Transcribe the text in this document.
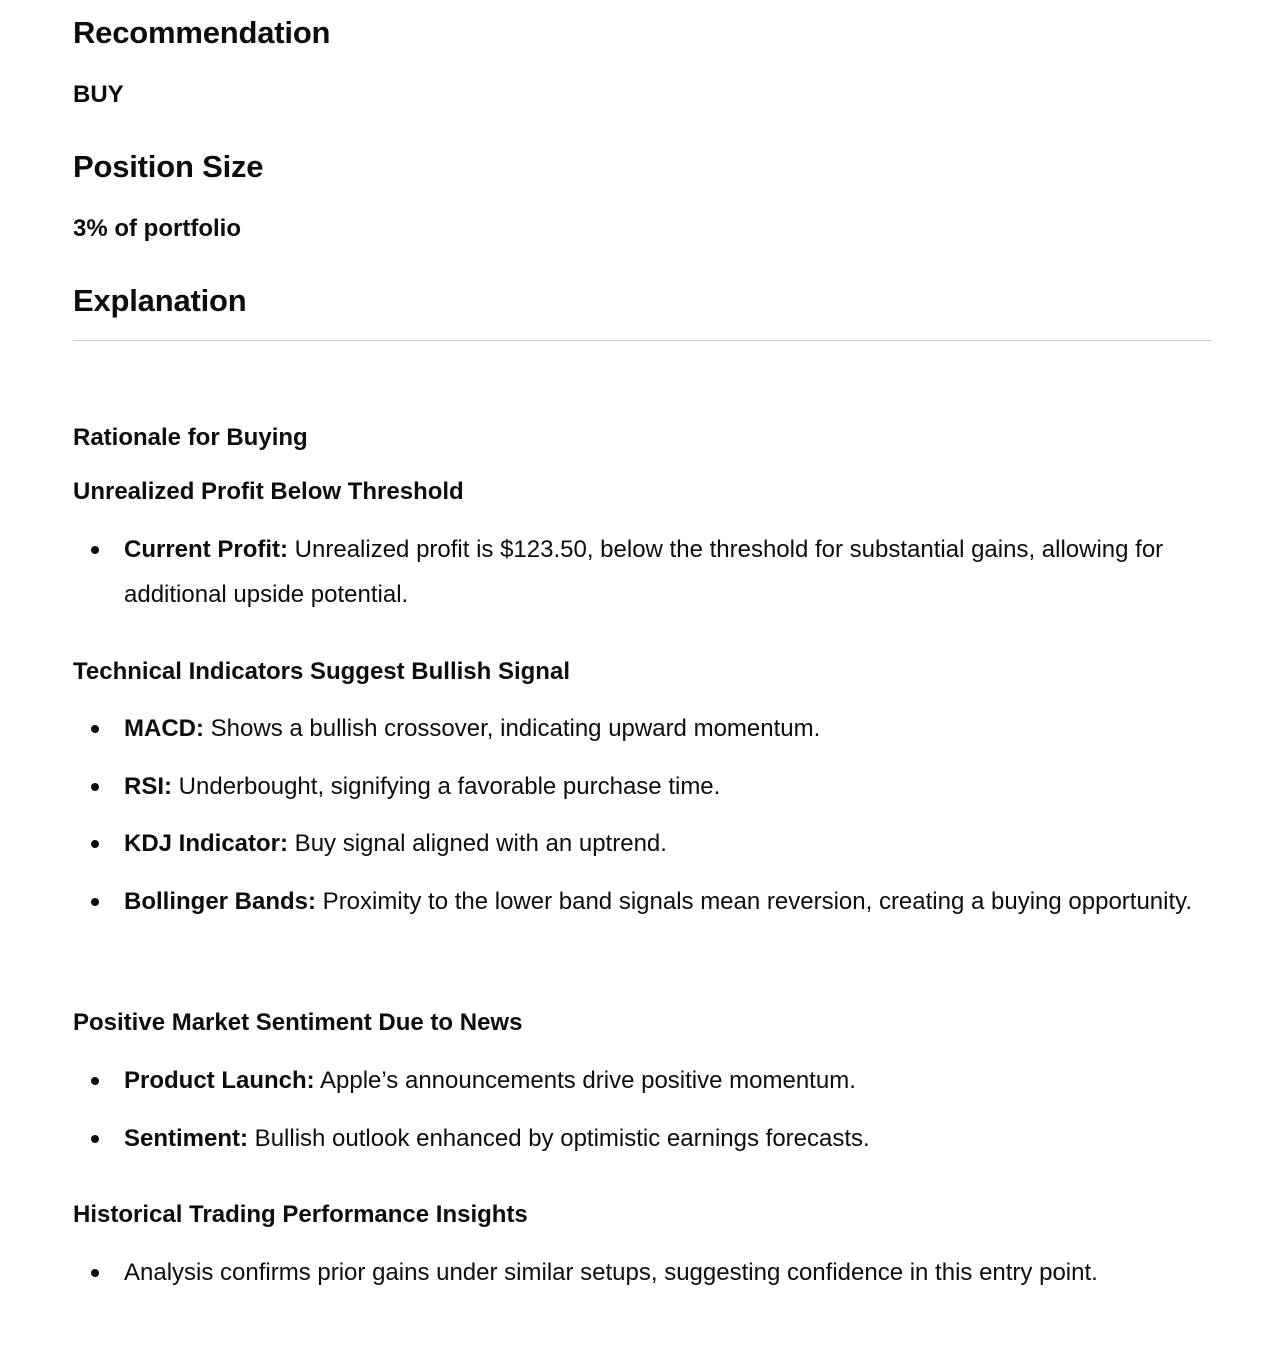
Recommendation

BUY

Position Size

3% of portfolio

Explanation
Rationale for Buying
Unrealized Profit Below Threshold
Current Profit: Unrealized profit is $123.50, below the threshold for substantial gains, allowing for additional upside potential.
Technical Indicators Suggest Bullish Signal
MACD: Shows a bullish crossover, indicating upward momentum.
RSI: Underbought, signifying a favorable purchase time.
KDJ Indicator: Buy signal aligned with an uptrend.
Bollinger Bands: Proximity to the lower band signals mean reversion, creating a buying opportunity.
Positive Market Sentiment Due to News
Product Launch: Apple’s announcements drive positive momentum.
Sentiment: Bullish outlook enhanced by optimistic earnings forecasts.
Historical Trading Performance Insights
Analysis confirms prior gains under similar setups, suggesting confidence in this entry point.
